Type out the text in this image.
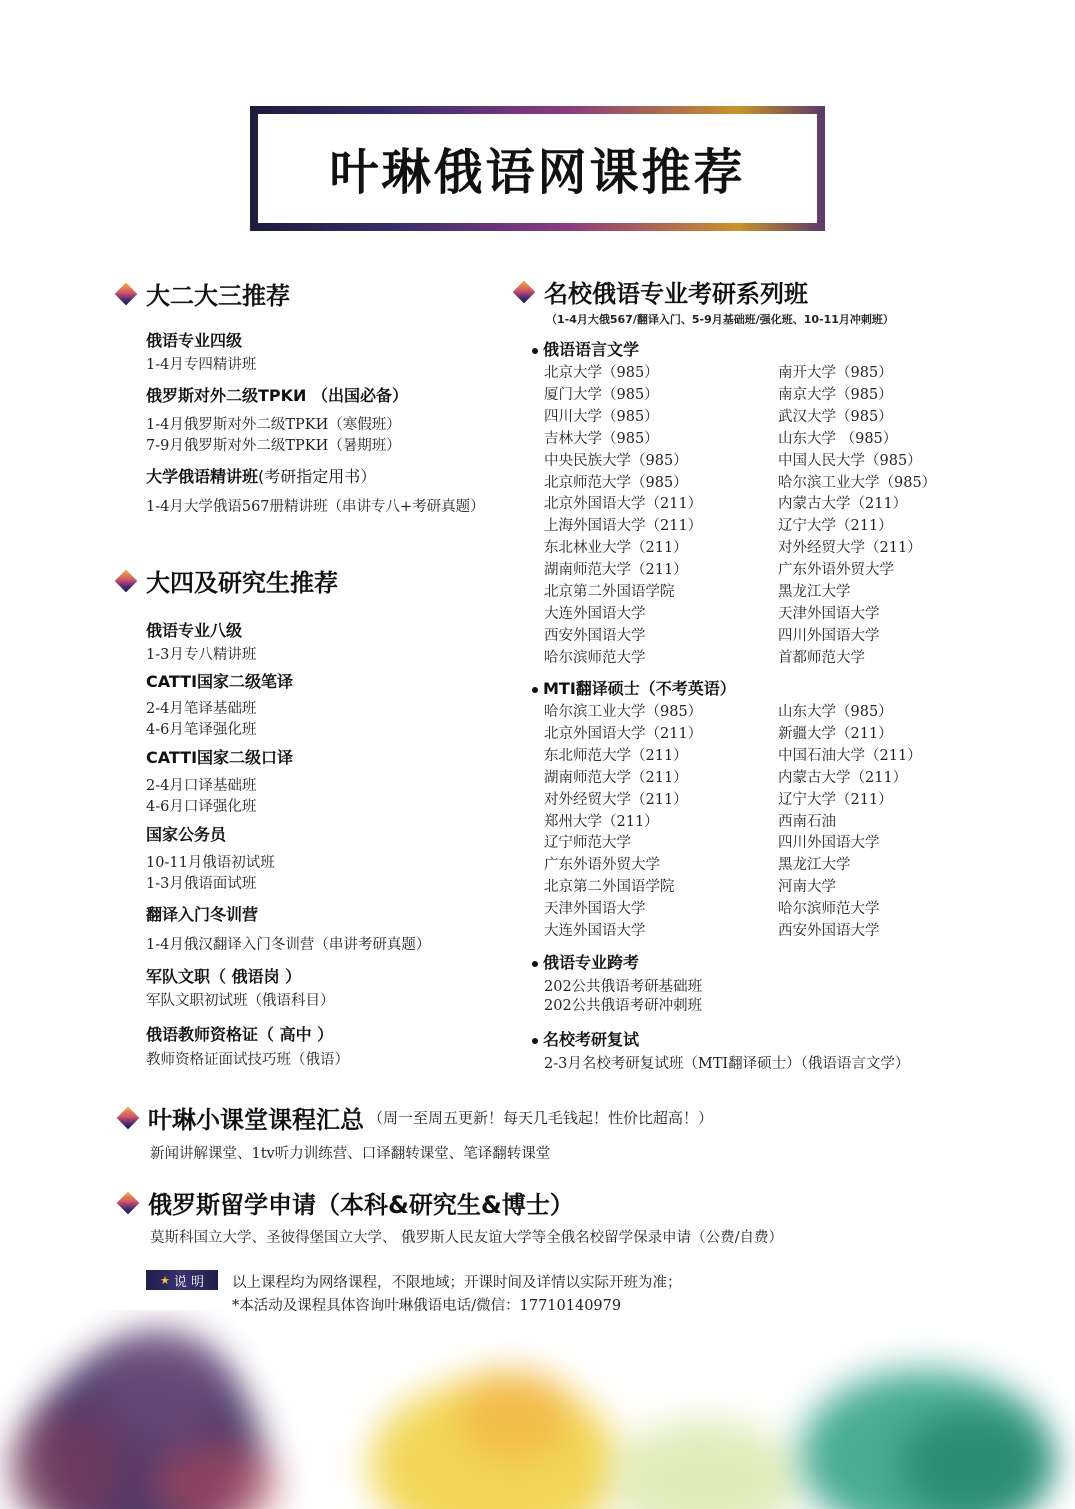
叶琳俄语网课推荐
大二大三推荐
俄语专业四级
1-4月专四精讲班
俄罗斯对外二级TPKИ （出国必备）
1-4月俄罗斯对外二级TPKИ（寒假班）
7-9月俄罗斯对外二级TPKИ（暑期班）
大学俄语精讲班(考研指定用书）
1-4月大学俄语567册精讲班（串讲专八+考研真题）
大四及研究生推荐
俄语专业八级
1-3月专八精讲班
CATTI国家二级笔译
2-4月笔译基础班
4-6月笔译强化班
CATTI国家二级口译
2-4月口译基础班
4-6月口译强化班
国家公务员
10-11月俄语初试班
1-3月俄语面试班
翻译入门冬训营
1-4月俄汉翻译入门冬训营（串讲考研真题）
军队文职（ 俄语岗 ）
军队文职初试班（俄语科目）
俄语教师资格证（ 高中 ）
教师资格证面试技巧班（俄语）
名校俄语专业考研系列班
（1-4月大俄567/翻译入门、5-9月基础班/强化班、10-11月冲刺班）
俄语语言文学
北京大学（985）
厦门大学（985）
四川大学（985）
吉林大学（985）
中央民族大学（985）
北京师范大学（985）
北京外国语大学（211）
上海外国语大学（211）
东北林业大学（211）
湖南师范大学（211）
北京第二外国语学院
大连外国语大学
西安外国语大学
哈尔滨师范大学
南开大学（985）
南京大学（985）
武汉大学（985）
山东大学 （985）
中国人民大学（985）
哈尔滨工业大学（985）
内蒙古大学（211）
辽宁大学（211）
对外经贸大学（211）
广东外语外贸大学
黑龙江大学
天津外国语大学
四川外国语大学
首都师范大学
MTI翻译硕士（不考英语）
哈尔滨工业大学（985）
北京外国语大学（211）
东北师范大学（211）
湖南师范大学（211）
对外经贸大学（211）
郑州大学（211）
辽宁师范大学
广东外语外贸大学
北京第二外国语学院
天津外国语大学
大连外国语大学
山东大学（985）
新疆大学（211）
中国石油大学（211）
内蒙古大学（211）
辽宁大学（211）
西南石油
四川外国语大学
黑龙江大学
河南大学
哈尔滨师范大学
西安外国语大学
俄语专业跨考
202公共俄语考研基础班
202公共俄语考研冲刺班
名校考研复试
2-3月名校考研复试班（MTI翻译硕士）（俄语语言文学）
叶琳小课堂课程汇总 （周一至周五更新！每天几毛钱起！性价比超高！）
新闻讲解课堂、1tv听力训练营、口译翻转课堂、笔译翻转课堂
俄罗斯留学申请（本科&研究生&博士）
莫斯科国立大学、圣彼得堡国立大学、 俄罗斯人民友谊大学等全俄名校留学保录申请（公费/自费）
★ 说 明 以上课程均为网络课程，不限地域；开课时间及详情以实际开班为准；
*本活动及课程具体咨询叶琳俄语电话/微信：17710140979
